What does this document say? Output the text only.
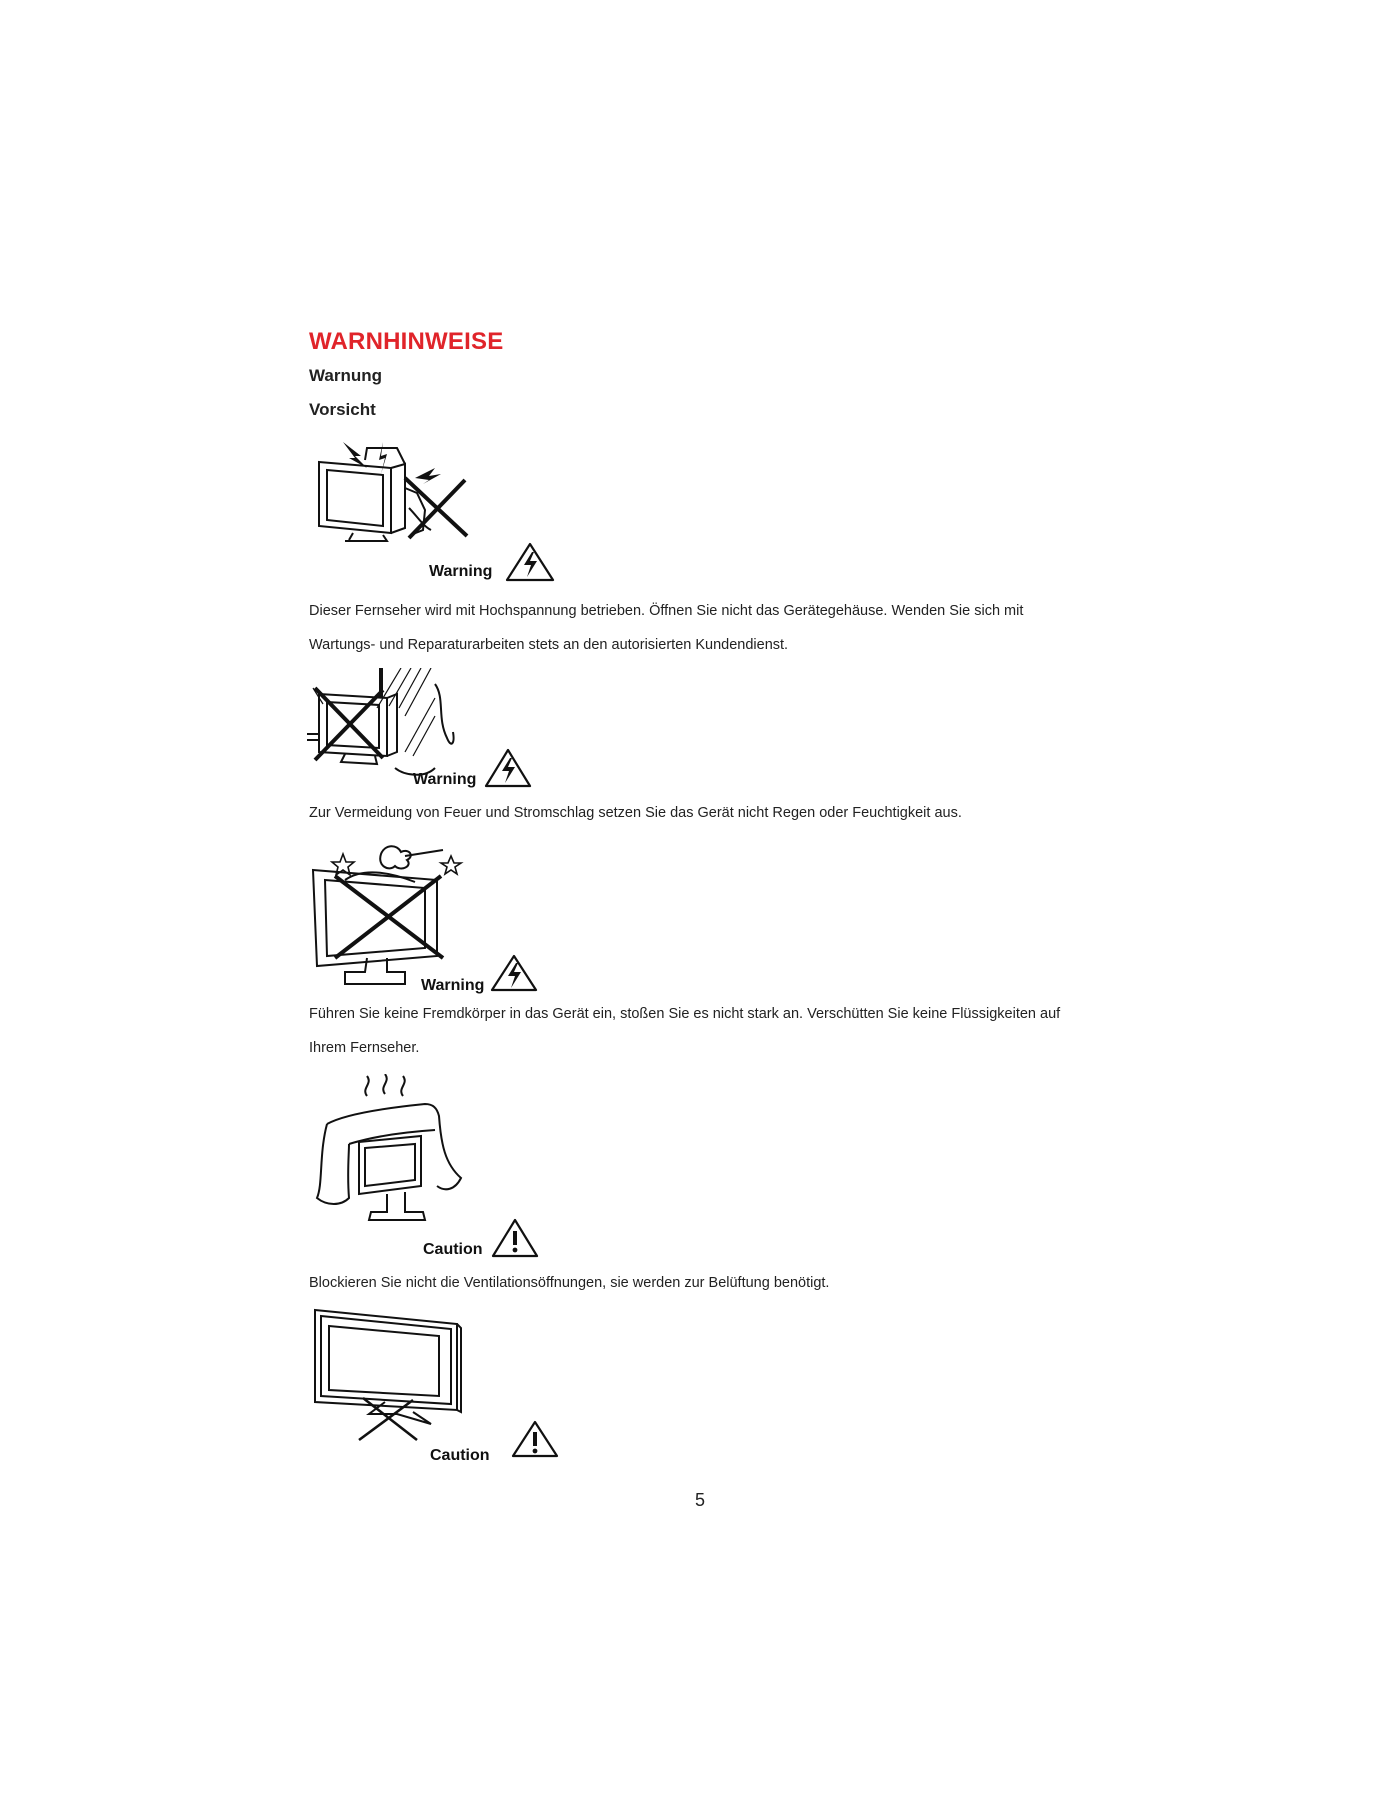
WARNHINWEISE
Warnung
Vorsicht
Warning
Dieser Fernseher wird mit Hochspannung betrieben. Öffnen Sie nicht das Gerätegehäuse. Wenden Sie sich mit
Wartungs- und Reparaturarbeiten stets an den autorisierten Kundendienst.
Warning
Zur Vermeidung von Feuer und Stromschlag setzen Sie das Gerät nicht Regen oder Feuchtigkeit aus.
Warning
Führen Sie keine Fremdkörper in das Gerät ein, stoßen Sie es nicht stark an. Verschütten Sie keine Flüssigkeiten auf
Ihrem Fernseher.
Caution
Blockieren Sie nicht die Ventilationsöffnungen, sie werden zur Belüftung benötigt.
Caution
5
